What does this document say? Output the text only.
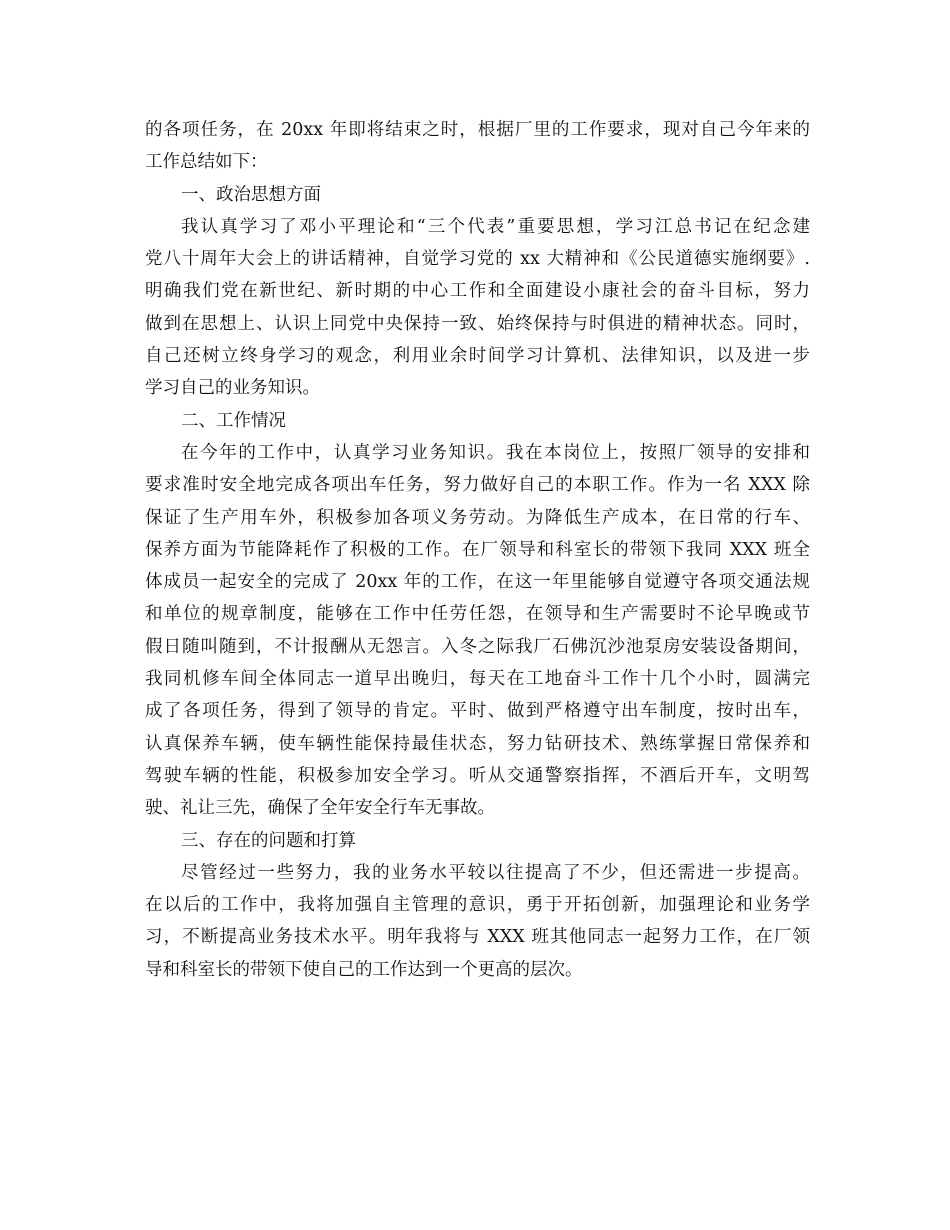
的各项任务，在 20xx 年即将结束之时，根据厂里的工作要求，现对自己今年来的
工作总结如下：
一、政治思想方面
我认真学习了邓小平理论和“三个代表”重要思想，学习江总书记在纪念建
党八十周年大会上的讲话精神，自觉学习党的 xx 大精神和《公民道德实施纲要》.
明确我们党在新世纪、新时期的中心工作和全面建设小康社会的奋斗目标，努力
做到在思想上、认识上同党中央保持一致、始终保持与时俱进的精神状态。同时，
自己还树立终身学习的观念，利用业余时间学习计算机、法律知识，以及进一步
学习自己的业务知识。
二、工作情况
在今年的工作中，认真学习业务知识。我在本岗位上，按照厂领导的安排和
要求准时安全地完成各项出车任务，努力做好自己的本职工作。作为一名 XXX 除
保证了生产用车外，积极参加各项义务劳动。为降低生产成本，在日常的行车、
保养方面为节能降耗作了积极的工作。在厂领导和科室长的带领下我同 XXX 班全
体成员一起安全的完成了 20xx 年的工作，在这一年里能够自觉遵守各项交通法规
和单位的规章制度，能够在工作中任劳任怨，在领导和生产需要时不论早晚或节
假日随叫随到，不计报酬从无怨言。入冬之际我厂石佛沉沙池泵房安装设备期间，
我同机修车间全体同志一道早出晚归，每天在工地奋斗工作十几个小时，圆满完
成了各项任务，得到了领导的肯定。平时、做到严格遵守出车制度，按时出车，
认真保养车辆，使车辆性能保持最佳状态，努力钻研技术、熟练掌握日常保养和
驾驶车辆的性能，积极参加安全学习。听从交通警察指挥，不酒后开车，文明驾
驶、礼让三先，确保了全年安全行车无事故。
三、存在的问题和打算
尽管经过一些努力，我的业务水平较以往提高了不少，但还需进一步提高。
在以后的工作中，我将加强自主管理的意识，勇于开拓创新，加强理论和业务学
习，不断提高业务技术水平。明年我将与 XXX 班其他同志一起努力工作，在厂领
导和科室长的带领下使自己的工作达到一个更高的层次。
